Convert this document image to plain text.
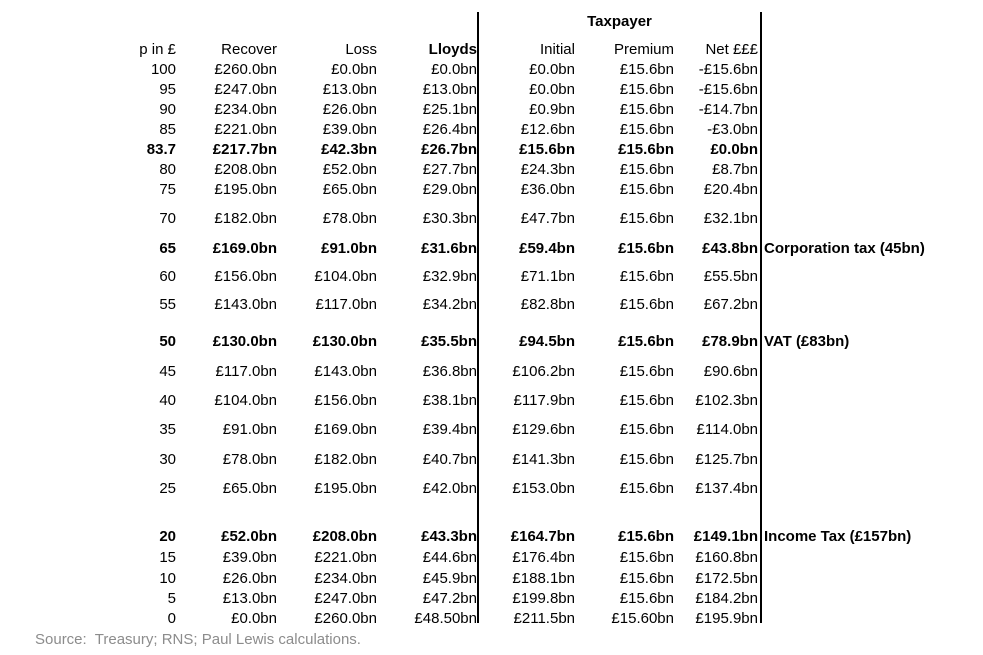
Taxpayer
p in £	Recover	Loss	Lloyds	Initial	Premium	Net £££
100	£260.0bn	£0.0bn	£0.0bn	£0.0bn	£15.6bn	-£15.6bn
95	£247.0bn	£13.0bn	£13.0bn	£0.0bn	£15.6bn	-£15.6bn
90	£234.0bn	£26.0bn	£25.1bn	£0.9bn	£15.6bn	-£14.7bn
85	£221.0bn	£39.0bn	£26.4bn	£12.6bn	£15.6bn	-£3.0bn
83.7	£217.7bn	£42.3bn	£26.7bn	£15.6bn	£15.6bn	£0.0bn
80	£208.0bn	£52.0bn	£27.7bn	£24.3bn	£15.6bn	£8.7bn
75	£195.0bn	£65.0bn	£29.0bn	£36.0bn	£15.6bn	£20.4bn
70	£182.0bn	£78.0bn	£30.3bn	£47.7bn	£15.6bn	£32.1bn
65	£169.0bn	£91.0bn	£31.6bn	£59.4bn	£15.6bn	£43.8bn Corporation tax (45bn)
60	£156.0bn	£104.0bn	£32.9bn	£71.1bn	£15.6bn	£55.5bn
55	£143.0bn	£117.0bn	£34.2bn	£82.8bn	£15.6bn	£67.2bn
50	£130.0bn	£130.0bn	£35.5bn	£94.5bn	£15.6bn	£78.9bn VAT (£83bn)
45	£117.0bn	£143.0bn	£36.8bn	£106.2bn	£15.6bn	£90.6bn
40	£104.0bn	£156.0bn	£38.1bn	£117.9bn	£15.6bn	£102.3bn
35	£91.0bn	£169.0bn	£39.4bn	£129.6bn	£15.6bn	£114.0bn
30	£78.0bn	£182.0bn	£40.7bn	£141.3bn	£15.6bn	£125.7bn
25	£65.0bn	£195.0bn	£42.0bn	£153.0bn	£15.6bn	£137.4bn
20	£52.0bn	£208.0bn	£43.3bn	£164.7bn	£15.6bn	£149.1bn Income Tax (£157bn)
15	£39.0bn	£221.0bn	£44.6bn	£176.4bn	£15.6bn	£160.8bn
10	£26.0bn	£234.0bn	£45.9bn	£188.1bn	£15.6bn	£172.5bn
5	£13.0bn	£247.0bn	£47.2bn	£199.8bn	£15.6bn	£184.2bn
0	£0.0bn	£260.0bn	£48.50bn	£211.5bn	£15.60bn	£195.9bn
Source:  Treasury; RNS; Paul Lewis calculations.
